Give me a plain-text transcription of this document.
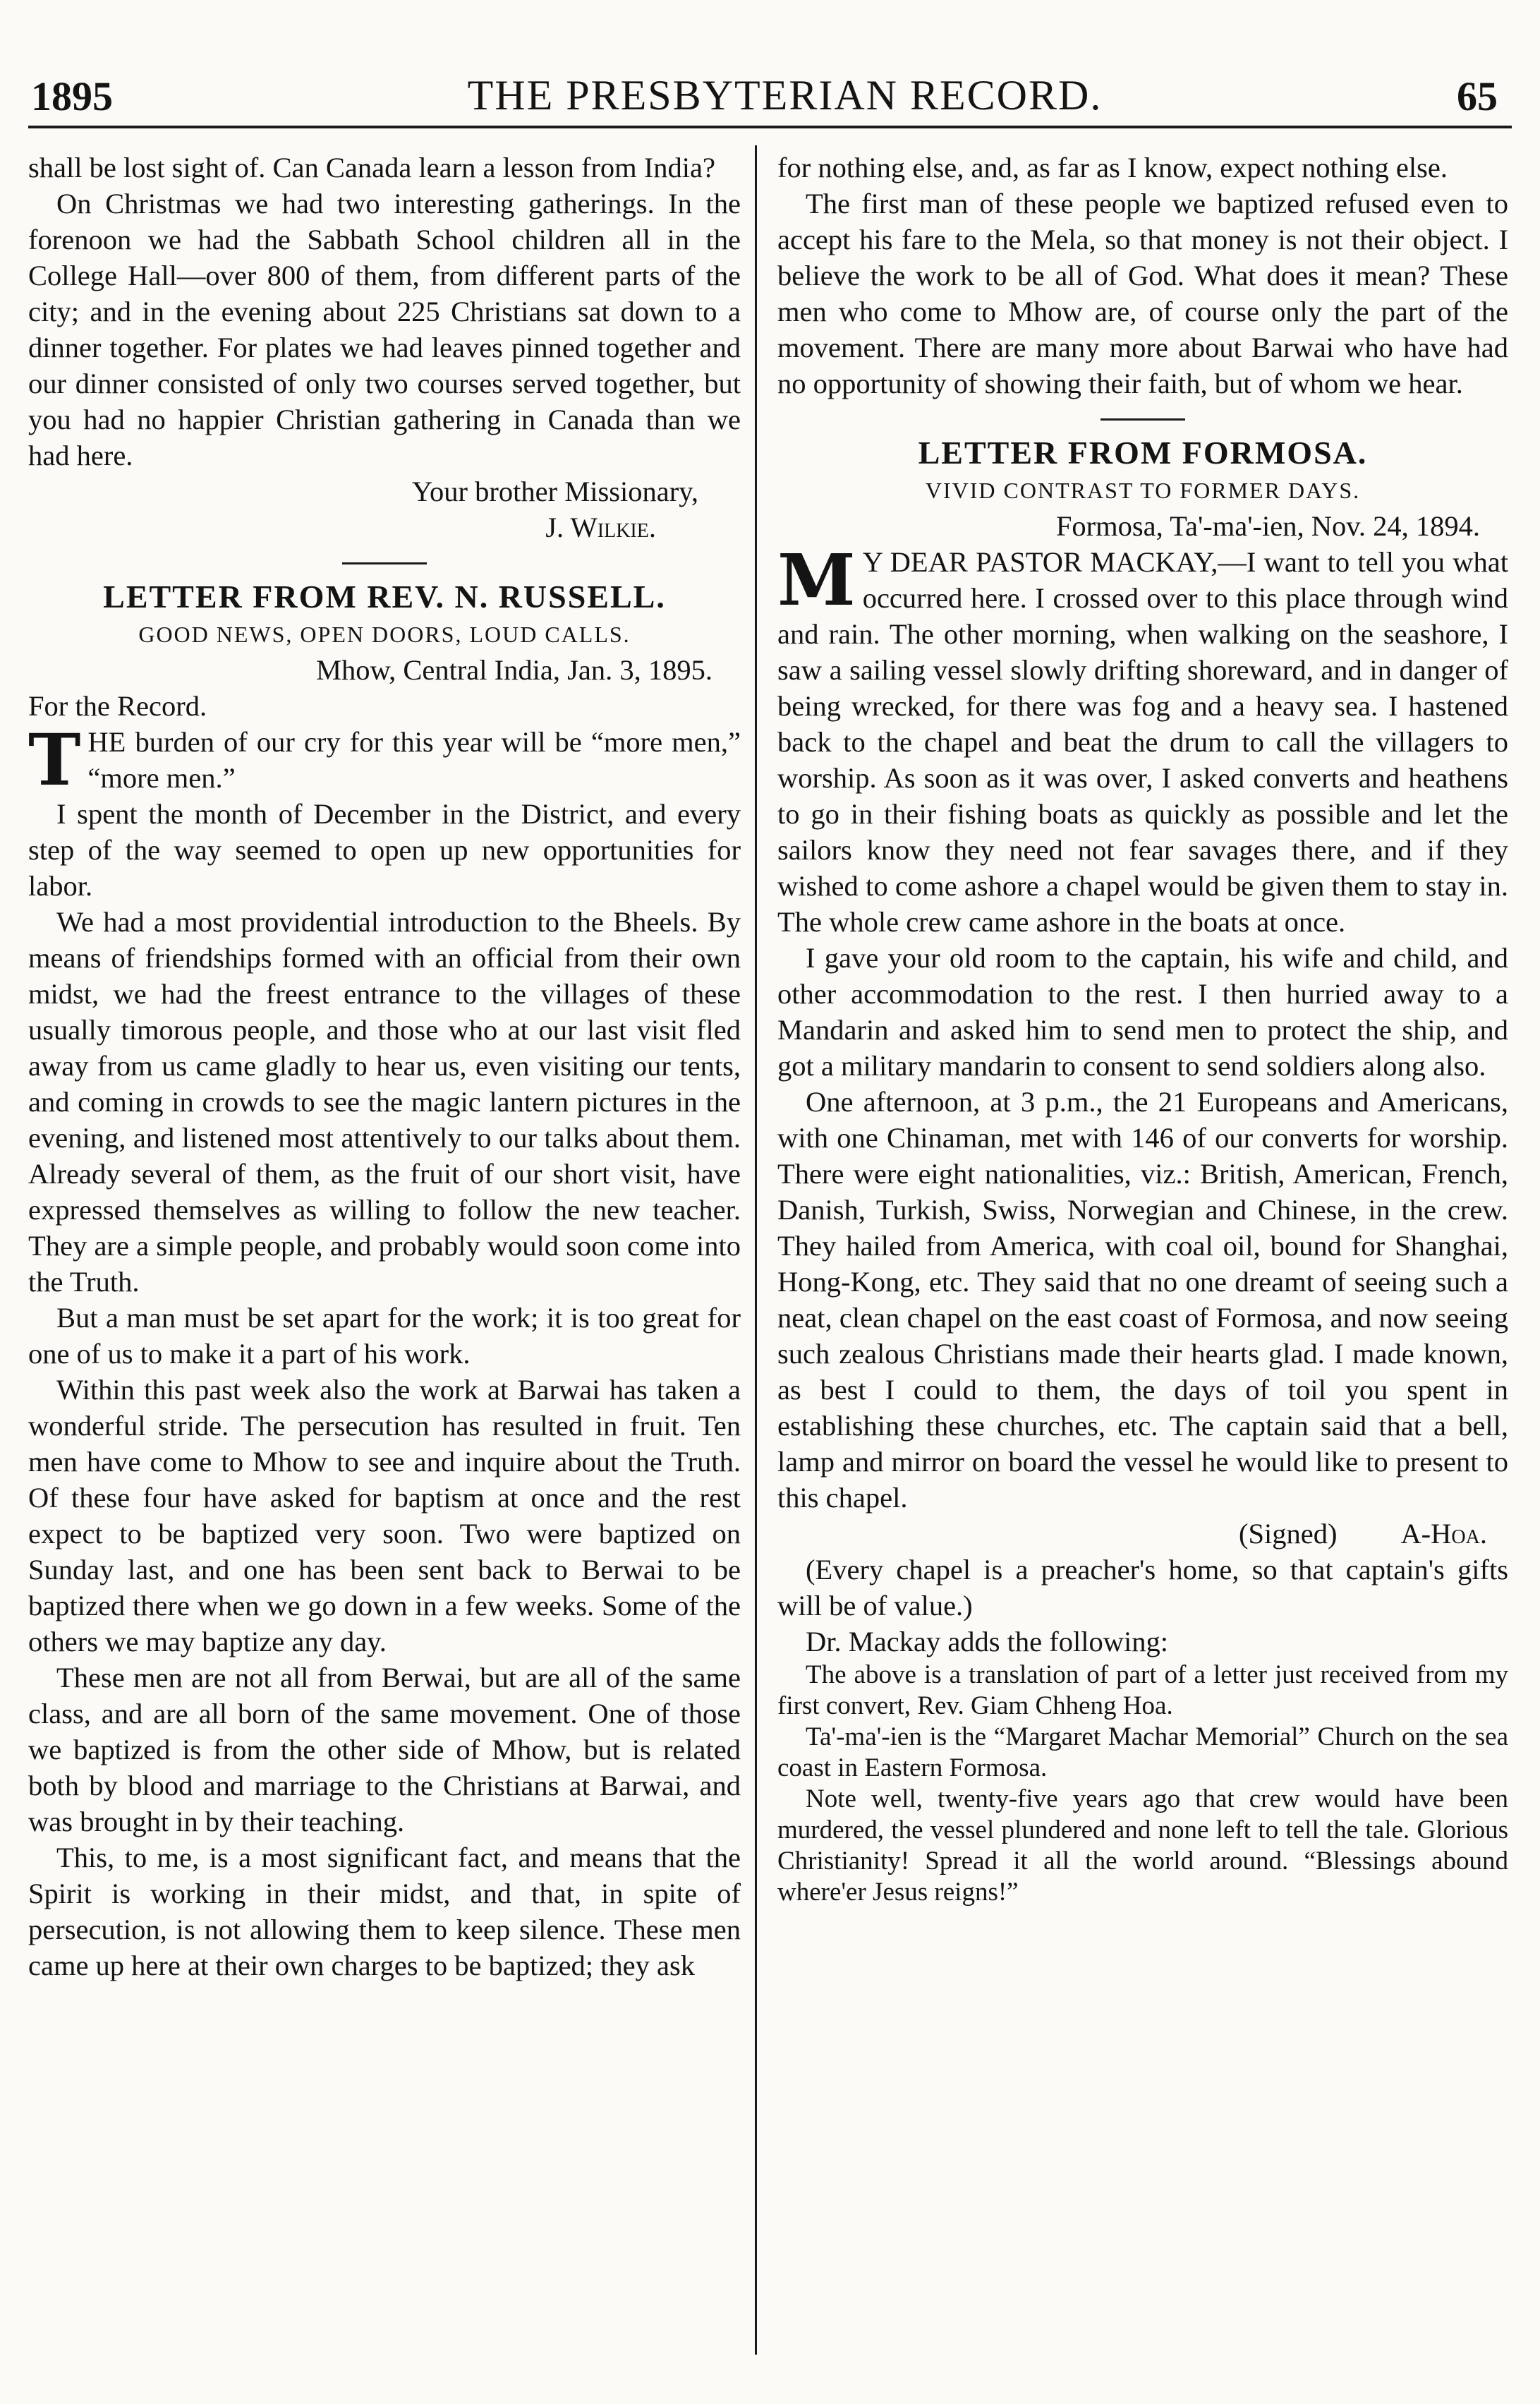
1895	THE PRESBYTERIAN RECORD.	65

shall be lost sight of. Can Canada learn a lesson from India?

On Christmas we had two interesting gatherings. In the forenoon we had the Sabbath School children all in the College Hall—over 800 of them, from different parts of the city; and in the evening about 225 Christians sat down to a dinner together. For plates we had leaves pinned together and our dinner consisted of only two courses served together, but you had no happier Christian gathering in Canada than we had here.

Your brother Missionary,

J. Wilkie.

LETTER FROM REV. N. RUSSELL.
GOOD NEWS, OPEN DOORS, LOUD CALLS.

Mhow, Central India, Jan. 3, 1895.

For the Record.

THE burden of our cry for this year will be “more men,” “more men.”

I spent the month of December in the District, and every step of the way seemed to open up new opportunities for labor.

We had a most providential introduction to the Bheels. By means of friendships formed with an official from their own midst, we had the freest entrance to the villages of these usually timorous people, and those who at our last visit fled away from us came gladly to hear us, even visiting our tents, and coming in crowds to see the magic lantern pictures in the evening, and listened most attentively to our talks about them. Already several of them, as the fruit of our short visit, have expressed themselves as willing to follow the new teacher. They are a simple people, and probably would soon come into the Truth.

But a man must be set apart for the work; it is too great for one of us to make it a part of his work.

Within this past week also the work at Barwai has taken a wonderful stride. The persecution has resulted in fruit. Ten men have come to Mhow to see and inquire about the Truth. Of these four have asked for baptism at once and the rest expect to be baptized very soon. Two were baptized on Sunday last, and one has been sent back to Berwai to be baptized there when we go down in a few weeks. Some of the others we may baptize any day.

These men are not all from Berwai, but are all of the same class, and are all born of the same movement. One of those we baptized is from the other side of Mhow, but is related both by blood and marriage to the Christians at Barwai, and was brought in by their teaching.

This, to me, is a most significant fact, and means that the Spirit is working in their midst, and that, in spite of persecution, is not allowing them to keep silence. These men came up here at their own charges to be baptized; they ask

for nothing else, and, as far as I know, expect nothing else.

The first man of these people we baptized refused even to accept his fare to the Mela, so that money is not their object. I believe the work to be all of God. What does it mean? These men who come to Mhow are, of course only the part of the movement. There are many more about Barwai who have had no opportunity of showing their faith, but of whom we hear.

LETTER FROM FORMOSA.
VIVID CONTRAST TO FORMER DAYS.

Formosa, Ta'-ma'-ien, Nov. 24, 1894.

M Y DEAR PASTOR MACKAY,—I want to tell you what occurred here. I crossed over to this place through wind and rain. The other morning, when walking on the seashore, I saw a sailing vessel slowly drifting shoreward, and in danger of being wrecked, for there was fog and a heavy sea. I hastened back to the chapel and beat the drum to call the villagers to worship. As soon as it was over, I asked converts and heathens to go in their fishing boats as quickly as possible and let the sailors know they need not fear savages there, and if they wished to come ashore a chapel would be given them to stay in. The whole crew came ashore in the boats at once.

I gave your old room to the captain, his wife and child, and other accommodation to the rest. I then hurried away to a Mandarin and asked him to send men to protect the ship, and got a military mandarin to consent to send soldiers along also.

One afternoon, at 3 p.m., the 21 Europeans and Americans, with one Chinaman, met with 146 of our converts for worship. There were eight nationalities, viz.: British, American, French, Danish, Turkish, Swiss, Norwegian and Chinese, in the crew. They hailed from America, with coal oil, bound for Shanghai, Hong-Kong, etc. They said that no one dreamt of seeing such a neat, clean chapel on the east coast of Formosa, and now seeing such zealous Christians made their hearts glad. I made known, as best I could to them, the days of toil you spent in establishing these churches, etc. The captain said that a bell, lamp and mirror on board the vessel he would like to present to this chapel.

(Signed) A-Hoa.

(Every chapel is a preacher's home, so that captain's gifts will be of value.)

Dr. Mackay adds the following:

The above is a translation of part of a letter just received from my first convert, Rev. Giam Chheng Hoa.

Ta'-ma'-ien is the “Margaret Machar Memorial” Church on the sea coast in Eastern Formosa.

Note well, twenty-five years ago that crew would have been murdered, the vessel plundered and none left to tell the tale. Glorious Christianity! Spread it all the world around. “Blessings abound where'er Jesus reigns!”
